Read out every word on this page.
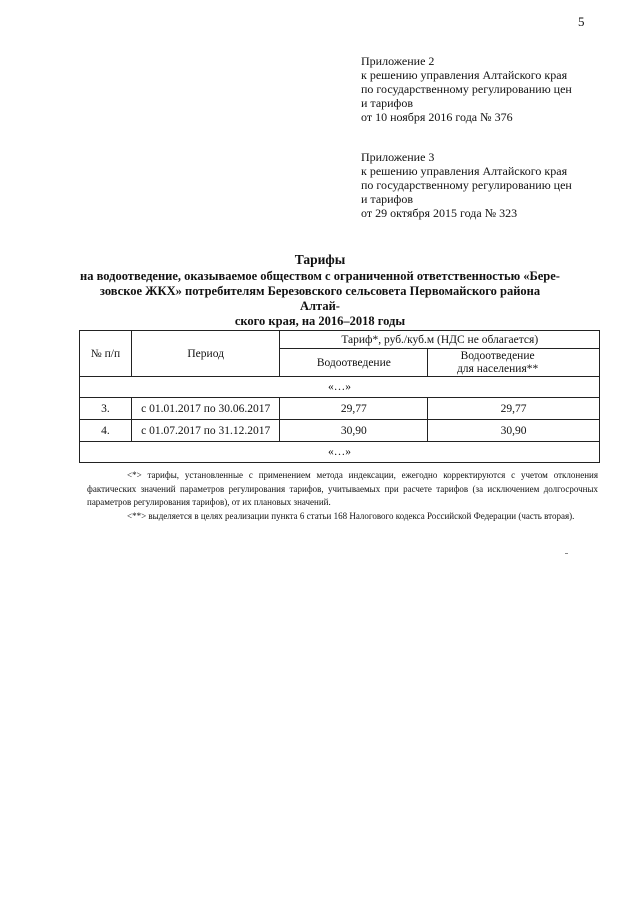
5
Приложение 2
к решению управления Алтайского края
по государственному регулированию цен
и тарифов
от 10 ноября 2016 года № 376
Приложение 3
к решению управления Алтайского края
по государственному регулированию цен
и тарифов
от 29 октября 2015 года № 323
Тарифы
на водоотведение, оказываемое обществом с ограниченной ответственностью «Бере-
зовское ЖКХ» потребителям Березовского сельсовета Первомайского района Алтай-
ского края, на 2016–2018 годы
№ п/п	Период	Тариф*, руб./куб.м (НДС не облагается)	
		Водоотведение	Водоотведение
для населения**

«…»			
3.	с 01.01.2017 по 30.06.2017	29,77	29,77
4.	с 01.07.2017 по 31.12.2017	30,90	30,90
«…»			

<*> тарифы, установленные с применением метода индексации, ежегодно корректируются с учетом отклонения фактических значений параметров регулирования тарифов, учитываемых при расчете тарифов (за исключением долгосрочных параметров регулирования тарифов), от их плановых значений.

<**> выделяется в целях реализации пункта 6 статьи 168 Налогового кодекса Российской Федерации (часть вторая).
